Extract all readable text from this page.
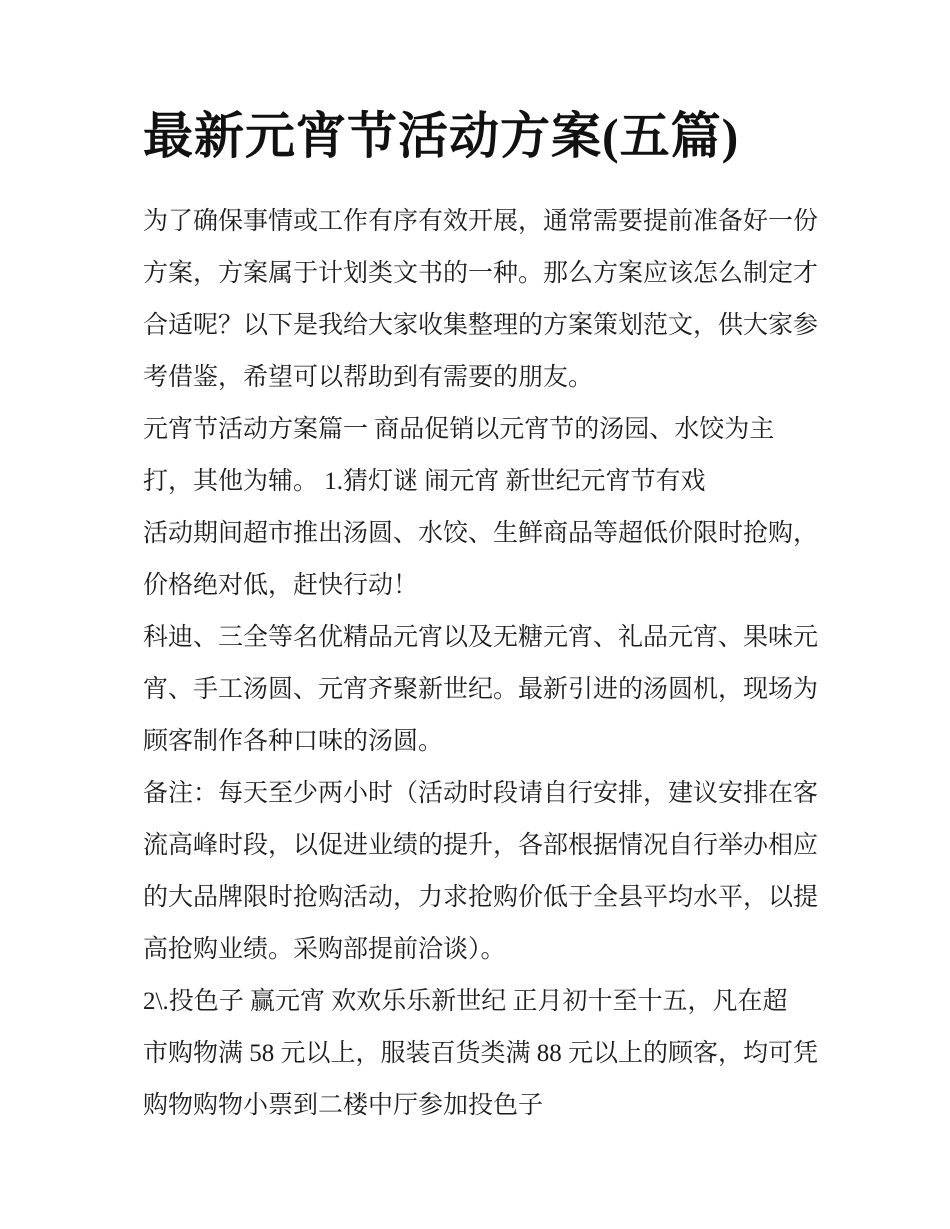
最新元宵节活动方案(五篇)

为了确保事情或工作有序有效开展，通常需要提前准备好一份

方案，方案属于计划类文书的一种。那么方案应该怎么制定才

合适呢？以下是我给大家收集整理的方案策划范文，供大家参

考借鉴，希望可以帮助到有需要的朋友。

元宵节活动方案篇一 商品促销以元宵节的汤园、水饺为主

打，其他为辅。 1.猜灯谜 闹元宵 新世纪元宵节有戏

活动期间超市推出汤圆、水饺、生鲜商品等超低价限时抢购，

价格绝对低，赶快行动！

科迪、三全等名优精品元宵以及无糖元宵、礼品元宵、果味元

宵、手工汤圆、元宵齐聚新世纪。最新引进的汤圆机，现场为

顾客制作各种口味的汤圆。

备注：每天至少两小时（活动时段请自行安排，建议安排在客

流高峰时段，以促进业绩的提升，各部根据情况自行举办相应

的大品牌限时抢购活动，力求抢购价低于全县平均水平，以提

高抢购业绩。采购部提前洽谈）。

2\.投色子 赢元宵 欢欢乐乐新世纪 正月初十至十五，凡在超

市购物满 58 元以上，服装百货类满 88 元以上的顾客，均可凭

购物购物小票到二楼中厅参加投色子
